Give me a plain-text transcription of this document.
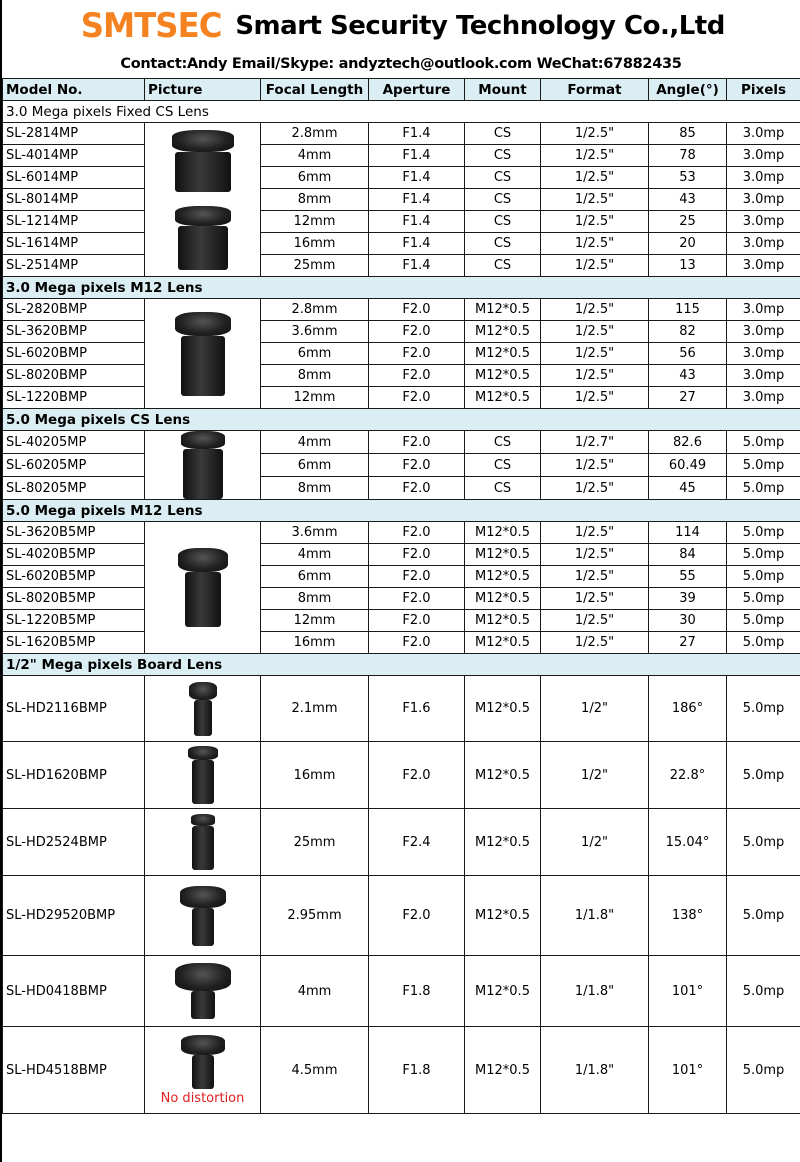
SMTSEC Smart Security Technology Co.,Ltd
Contact:Andy Email/Skype: andyztech@outlook.com WeChat:67882435
Model No.	Picture	Focal Length	Aperture	Mount	Format	Angle(°)	Pixels
3.0 Mega pixels Fixed CS Lens							
SL-2814MP		2.8mm	F1.4	CS	1/2.5"	85	3.0mp
SL-4014MP		4mm	F1.4	CS	1/2.5"	78	3.0mp
SL-6014MP		6mm	F1.4	CS	1/2.5"	53	3.0mp
SL-8014MP		8mm	F1.4	CS	1/2.5"	43	3.0mp
SL-1214MP		12mm	F1.4	CS	1/2.5"	25	3.0mp
SL-1614MP		16mm	F1.4	CS	1/2.5"	20	3.0mp
SL-2514MP		25mm	F1.4	CS	1/2.5"	13	3.0mp
3.0 Mega pixels M12 Lens							
SL-2820BMP		2.8mm	F2.0	M12*0.5	1/2.5"	115	3.0mp
SL-3620BMP		3.6mm	F2.0	M12*0.5	1/2.5"	82	3.0mp
SL-6020BMP		6mm	F2.0	M12*0.5	1/2.5"	56	3.0mp
SL-8020BMP		8mm	F2.0	M12*0.5	1/2.5"	43	3.0mp
SL-1220BMP		12mm	F2.0	M12*0.5	1/2.5"	27	3.0mp
5.0 Mega pixels CS Lens							
SL-40205MP		4mm	F2.0	CS	1/2.7"	82.6	5.0mp
SL-60205MP		6mm	F2.0	CS	1/2.5"	60.49	5.0mp
SL-80205MP		8mm	F2.0	CS	1/2.5"	45	5.0mp
5.0 Mega pixels M12 Lens							
SL-3620B5MP		3.6mm	F2.0	M12*0.5	1/2.5"	114	5.0mp
SL-4020B5MP		4mm	F2.0	M12*0.5	1/2.5"	84	5.0mp
SL-6020B5MP		6mm	F2.0	M12*0.5	1/2.5"	55	5.0mp
SL-8020B5MP		8mm	F2.0	M12*0.5	1/2.5"	39	5.0mp
SL-1220B5MP		12mm	F2.0	M12*0.5	1/2.5"	30	5.0mp
SL-1620B5MP		16mm	F2.0	M12*0.5	1/2.5"	27	5.0mp
1/2" Mega pixels Board Lens							
SL-HD2116BMP		2.1mm	F1.6	M12*0.5	1/2"	186°	5.0mp
SL-HD1620BMP		16mm	F2.0	M12*0.5	1/2"	22.8°	5.0mp
SL-HD2524BMP		25mm	F2.4	M12*0.5	1/2"	15.04°	5.0mp
SL-HD29520BMP		2.95mm	F2.0	M12*0.5	1/1.8"	138°	5.0mp
SL-HD0418BMP		4mm	F1.8	M12*0.5	1/1.8"	101°	5.0mp
SL-HD4518BMP	No distortion	4.5mm	F1.8	M12*0.5	1/1.8"	101°	5.0mp
